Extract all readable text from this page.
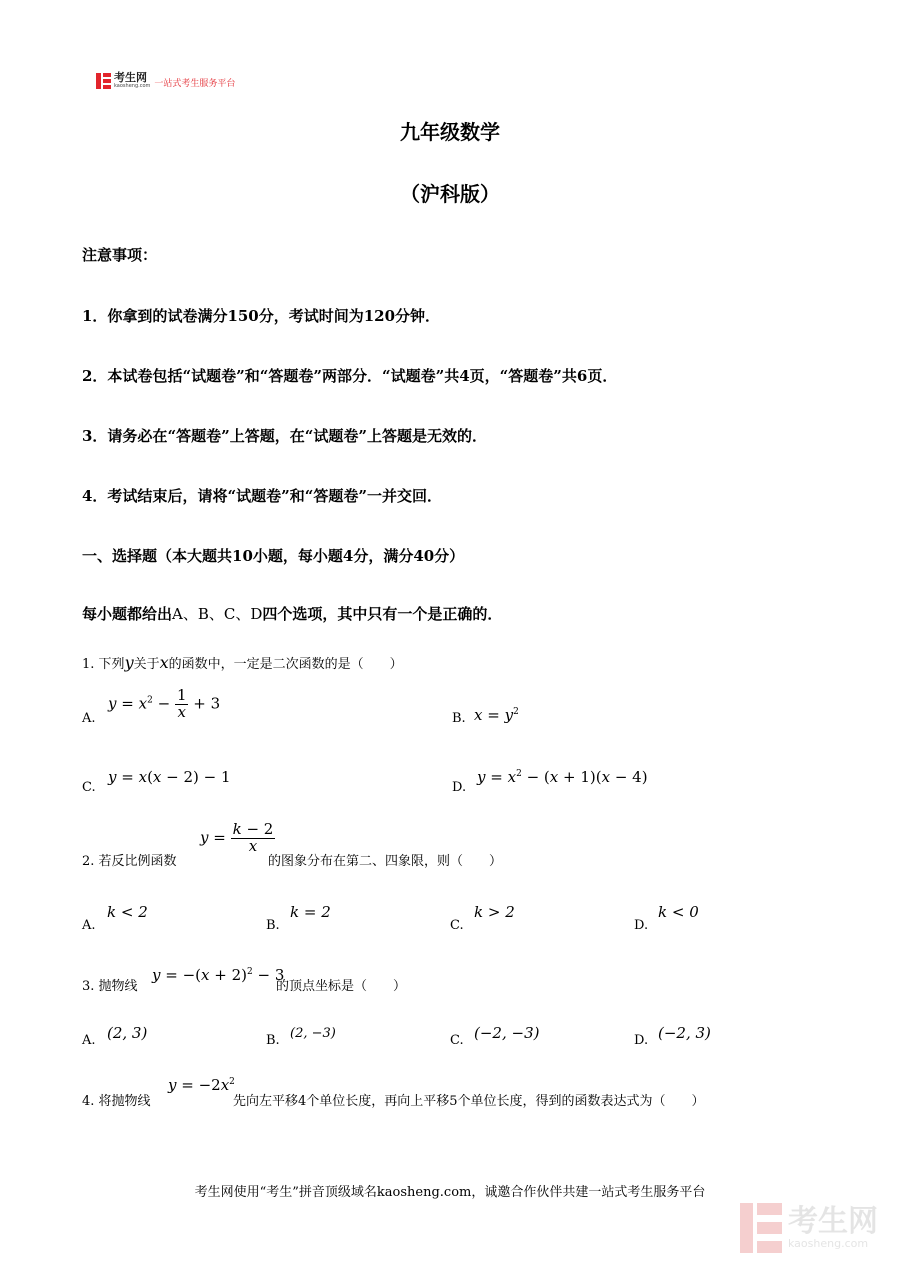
考生网
kaosheng.com 一站式考生服务平台
九年级数学
（沪科版）
注意事项：
1．你拿到的试卷满分150分，考试时间为120分钟．
2．本试卷包括“试题卷”和“答题卷”两部分．“试题卷”共4页，“答题卷”共6页．
3．请务必在“答题卷”上答题，在“试题卷”上答题是无效的．
4．考试结束后，请将“试题卷”和“答题卷”一并交回．
一、选择题（本大题共10小题，每小题4分，满分40分）
每小题都给出A、B、C、D四个选项，其中只有一个是正确的．
1. 下列y关于x的函数中，一定是二次函数的是（　　）
A.
$y = x^2 - \frac{1}{x} + 3$
B. $x = y^2$
C.
y = x(x − 2) − 1
D.
$y = x^2 - (x + 1)(x - 4)$
2. 若反比例函数
$y = \frac{k - 2}{x}$
的图象分布在第二、四象限，则（　　）
A.
k < 2
B.
k = 2
C.
k > 2
D.
k < 0
3. 抛物线
$y = -(x + 2)^2 - 3$
的顶点坐标是（　　）
A. (2, 3)	B. (2, −3)	C. (−2, −3)	D. (−2, 3)
4. 将抛物线
$y = -2x^2$
先向左平移4个单位长度，再向上平移5个单位长度，得到的函数表达式为（　　）
考生网使用“考生”拼音顶级域名kaosheng.com，诚邀合作伙伴共建一站式考生服务平台
考生网
kaosheng.com
